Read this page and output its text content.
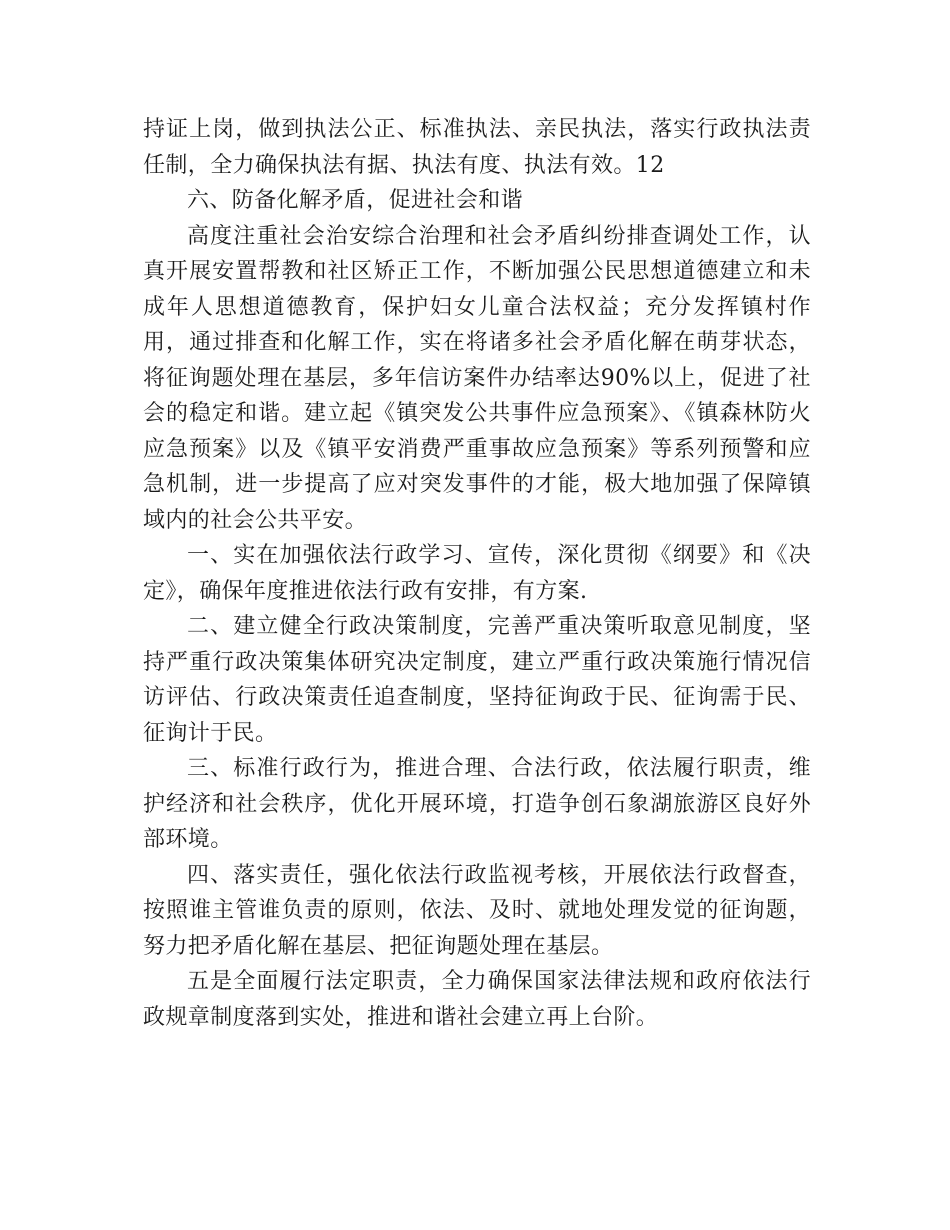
持证上岗，做到执法公正、标准执法、亲民执法，落实行政执法责任制，全力确保执法有据、执法有度、执法有效。12

六、防备化解矛盾，促进社会和谐

高度注重社会治安综合治理和社会矛盾纠纷排查调处工作，认真开展安置帮教和社区矫正工作，不断加强公民思想道德建立和未成年人思想道德教育，保护妇女儿童合法权益；充分发挥镇村作用，通过排查和化解工作，实在将诸多社会矛盾化解在萌芽状态，将征询题处理在基层，多年信访案件办结率达90%以上，促进了社会的稳定和谐。建立起《镇突发公共事件应急预案》、《镇森林防火应急预案》以及《镇平安消费严重事故应急预案》等系列预警和应急机制，进一步提高了应对突发事件的才能，极大地加强了保障镇域内的社会公共平安。

一、实在加强依法行政学习、宣传，深化贯彻《纲要》和《决定》，确保年度推进依法行政有安排，有方案.

二、建立健全行政决策制度，完善严重决策听取意见制度，坚持严重行政决策集体研究决定制度，建立严重行政决策施行情况信访评估、行政决策责任追查制度，坚持征询政于民、征询需于民、征询计于民。

三、标准行政行为，推进合理、合法行政，依法履行职责，维护经济和社会秩序，优化开展环境，打造争创石象湖旅游区良好外部环境。

四、落实责任，强化依法行政监视考核，开展依法行政督查，按照谁主管谁负责的原则，依法、及时、就地处理发觉的征询题，努力把矛盾化解在基层、把征询题处理在基层。

五是全面履行法定职责，全力确保国家法律法规和政府依法行政规章制度落到实处，推进和谐社会建立再上台阶。
